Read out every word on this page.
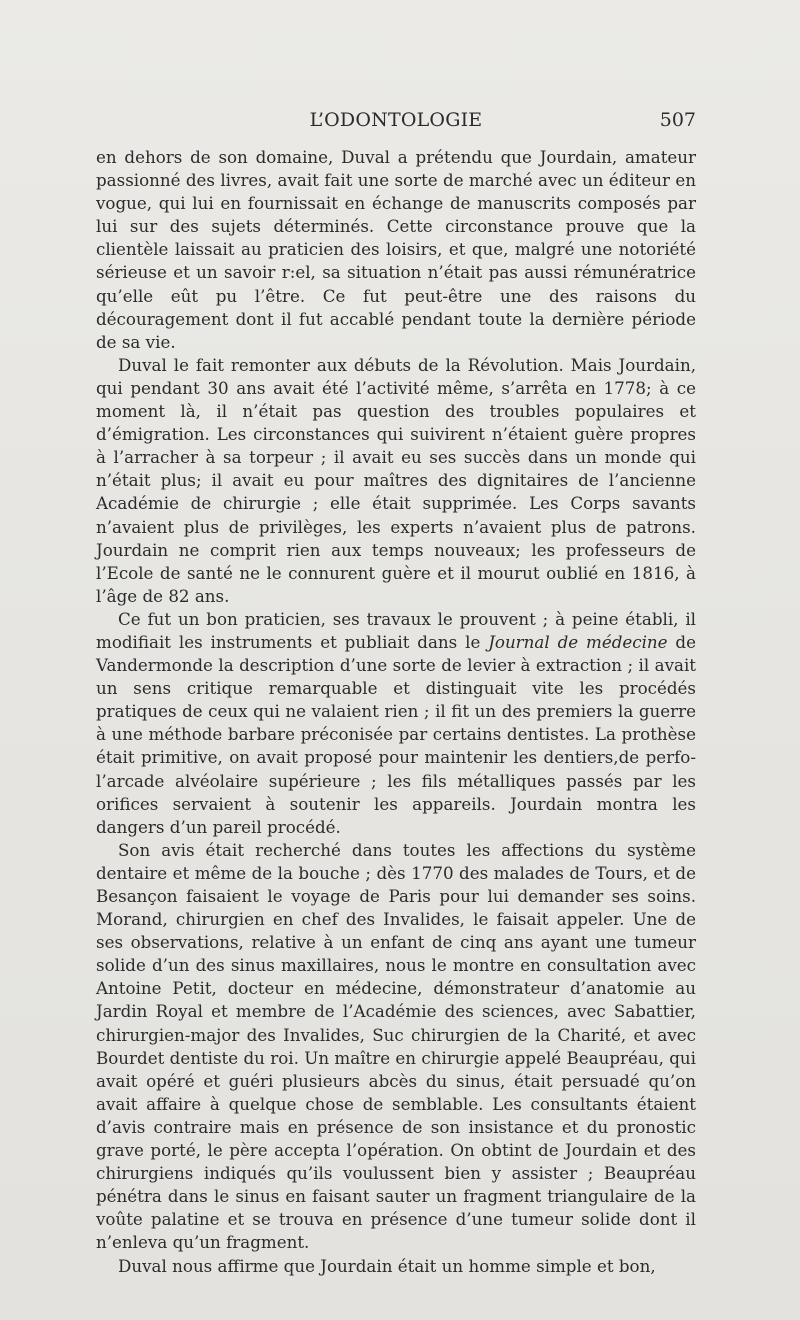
L’ODONTOLOGIE	507

en dehors de son domaine, Duval a prétendu que Jourdain, amateur passionné des livres, avait fait une sorte de marché avec un éditeur en vogue, qui lui en fournissait en échange de manuscrits composés par lui sur des sujets déterminés. Cette circonstance prouve que la clientèle laissait au praticien des loisirs, et que, malgré une notoriété sérieuse et un savoir r:el, sa situation n’était pas aussi rémunératrice qu’elle eût pu l’être. Ce fut peut-être une des raisons du découragement dont il fut accablé pendant toute la dernière période de sa vie.

Duval le fait remonter aux débuts de la Révolution. Mais Jourdain, qui pendant 30 ans avait été l’activité même, s’arrêta en 1778; à ce moment là, il n’était pas question des troubles populaires et d’émigration. Les circonstances qui suivirent n’étaient guère propres à l’arracher à sa torpeur ; il avait eu ses succès dans un monde qui n’était plus; il avait eu pour maîtres des dignitaires de l’ancienne Académie de chirurgie ; elle était supprimée. Les Corps savants n’avaient plus de privilèges, les experts n’avaient plus de patrons. Jourdain ne comprit rien aux temps nouveaux; les professeurs de l’Ecole de santé ne le connurent guère et il mourut oublié en 1816, à l’âge de 82 ans.

Ce fut un bon praticien, ses travaux le prouvent ; à peine établi, il modifiait les instruments et publiait dans le Journal de médecine de Vandermonde la description d’une sorte de levier à extraction ; il avait un sens critique remarquable et distinguait vite les procédés pratiques de ceux qui ne valaient rien ; il fit un des premiers la guerre à une méthode barbare préconisée par certains dentistes. La prothèse était primitive, on avait proposé pour maintenir les dentiers,de perfo- l’arcade alvéolaire supérieure ; les fils métalliques passés par les orifices servaient à soutenir les appareils. Jourdain montra les dangers d’un pareil procédé.

Son avis était recherché dans toutes les affections du système dentaire et même de la bouche ; dès 1770 des malades de Tours, et de Besançon faisaient le voyage de Paris pour lui demander ses soins. Morand, chirurgien en chef des Invalides, le faisait appeler. Une de ses observations, relative à un enfant de cinq ans ayant une tumeur solide d’un des sinus maxillaires, nous le montre en consultation avec Antoine Petit, docteur en médecine, démonstrateur d’anatomie au Jardin Royal et membre de l’Académie des sciences, avec Sabattier, chirurgien-major des Invalides, Suc chirurgien de la Charité, et avec Bourdet dentiste du roi. Un maître en chirurgie appelé Beaupréau, qui avait opéré et guéri plusieurs abcès du sinus, était persuadé qu’on avait affaire à quelque chose de semblable. Les consultants étaient d’avis contraire mais en présence de son insistance et du pronostic grave porté, le père accepta l’opération. On obtint de Jourdain et des chirurgiens indiqués qu’ils voulussent bien y assister ; Beaupréau pénétra dans le sinus en faisant sauter un fragment triangulaire de la voûte palatine et se trouva en présence d’une tumeur solide dont il n’enleva qu’un fragment.

Duval nous affirme que Jourdain était un homme simple et bon,
